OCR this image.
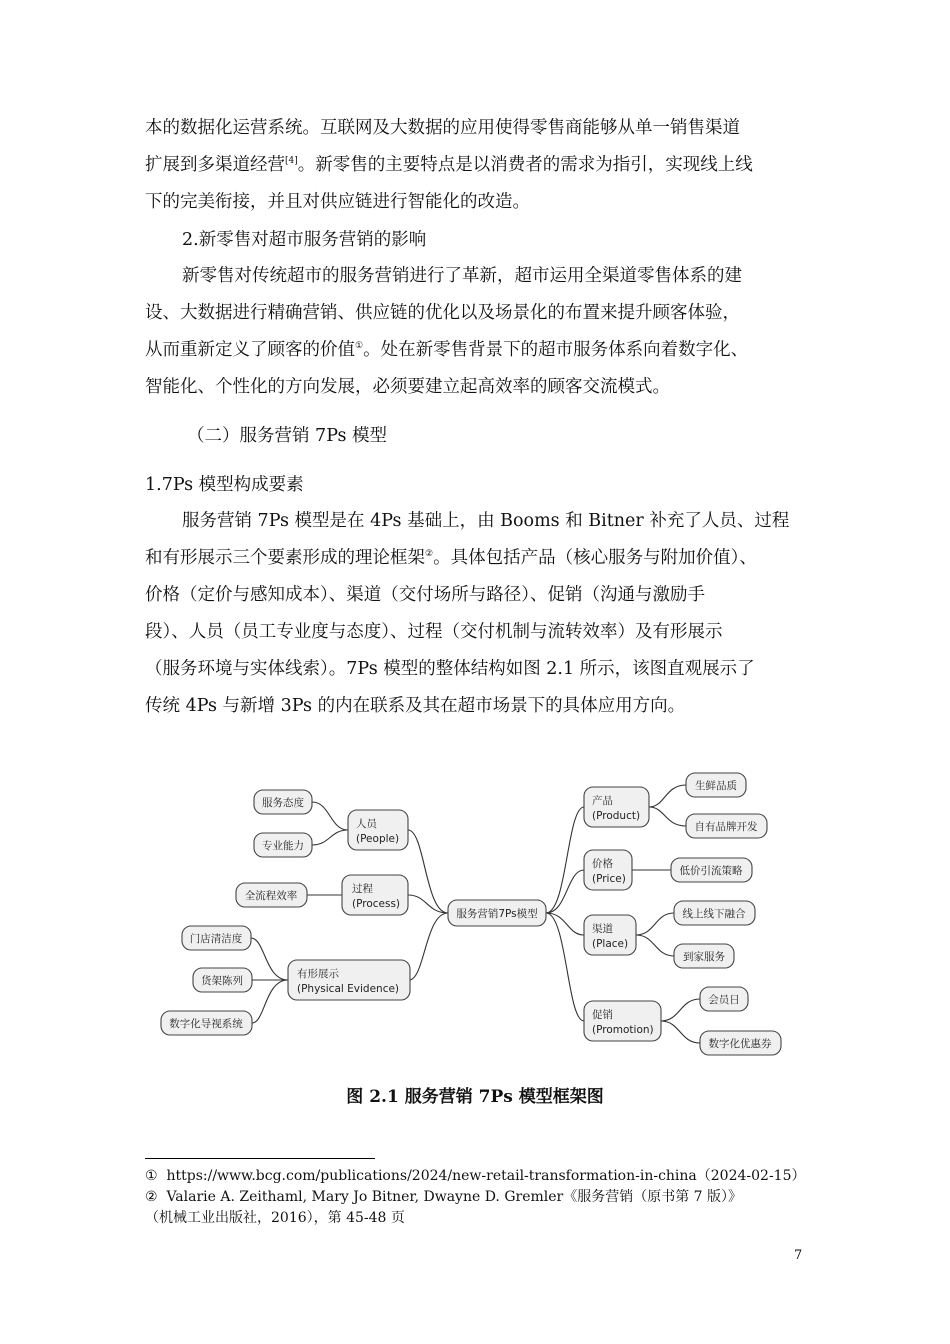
本的数据化运营系统。互联网及大数据的应用使得零售商能够从单一销售渠道
扩展到多渠道经营[4]。新零售的主要特点是以消费者的需求为指引，实现线上线
下的完美衔接，并且对供应链进行智能化的改造。

2.新零售对超市服务营销的影响

新零售对传统超市的服务营销进行了革新，超市运用全渠道零售体系的建
设、大数据进行精确营销、供应链的优化以及场景化的布置来提升顾客体验，
从而重新定义了顾客的价值①。处在新零售背景下的超市服务体系向着数字化、
智能化、个性化的方向发展，必须要建立起高效率的顾客交流模式。

（二）服务营销 7Ps 模型

1.7Ps 模型构成要素

服务营销 7Ps 模型是在 4Ps 基础上，由 Booms 和 Bitner 补充了人员、过程
和有形展示三个要素形成的理论框架②。具体包括产品（核心服务与附加价值）、
价格（定价与感知成本）、渠道（交付场所与路径）、促销（沟通与激励手
段）、人员（员工专业度与态度）、过程（交付机制与流转效率）及有形展示
（服务环境与实体线索）。7Ps 模型的整体结构如图 2.1 所示，该图直观展示了
传统 4Ps 与新增 3Ps 的内在联系及其在超市场景下的具体应用方向。

服务营销7Ps模型
人员
(People)
服务态度
专业能力
过程
(Process)
全流程效率
有形展示
(Physical Evidence)
门店清洁度
货架陈列
数字化导视系统
产品
(Product)
生鲜品质
自有品牌开发
价格
(Price)
低价引流策略
渠道
(Place)
线上线下融合
到家服务
促销
(Promotion)
会员日
数字化优惠券
图 2.1 服务营销 7Ps 模型框架图
① https://www.bcg.com/publications/2024/new-retail-transformation-in-china（2024-02-15）
② Valarie A. Zeithaml, Mary Jo Bitner, Dwayne D. Gremler《服务营销（原书第 7 版）》
（机械工业出版社，2016），第 45-48 页
7
